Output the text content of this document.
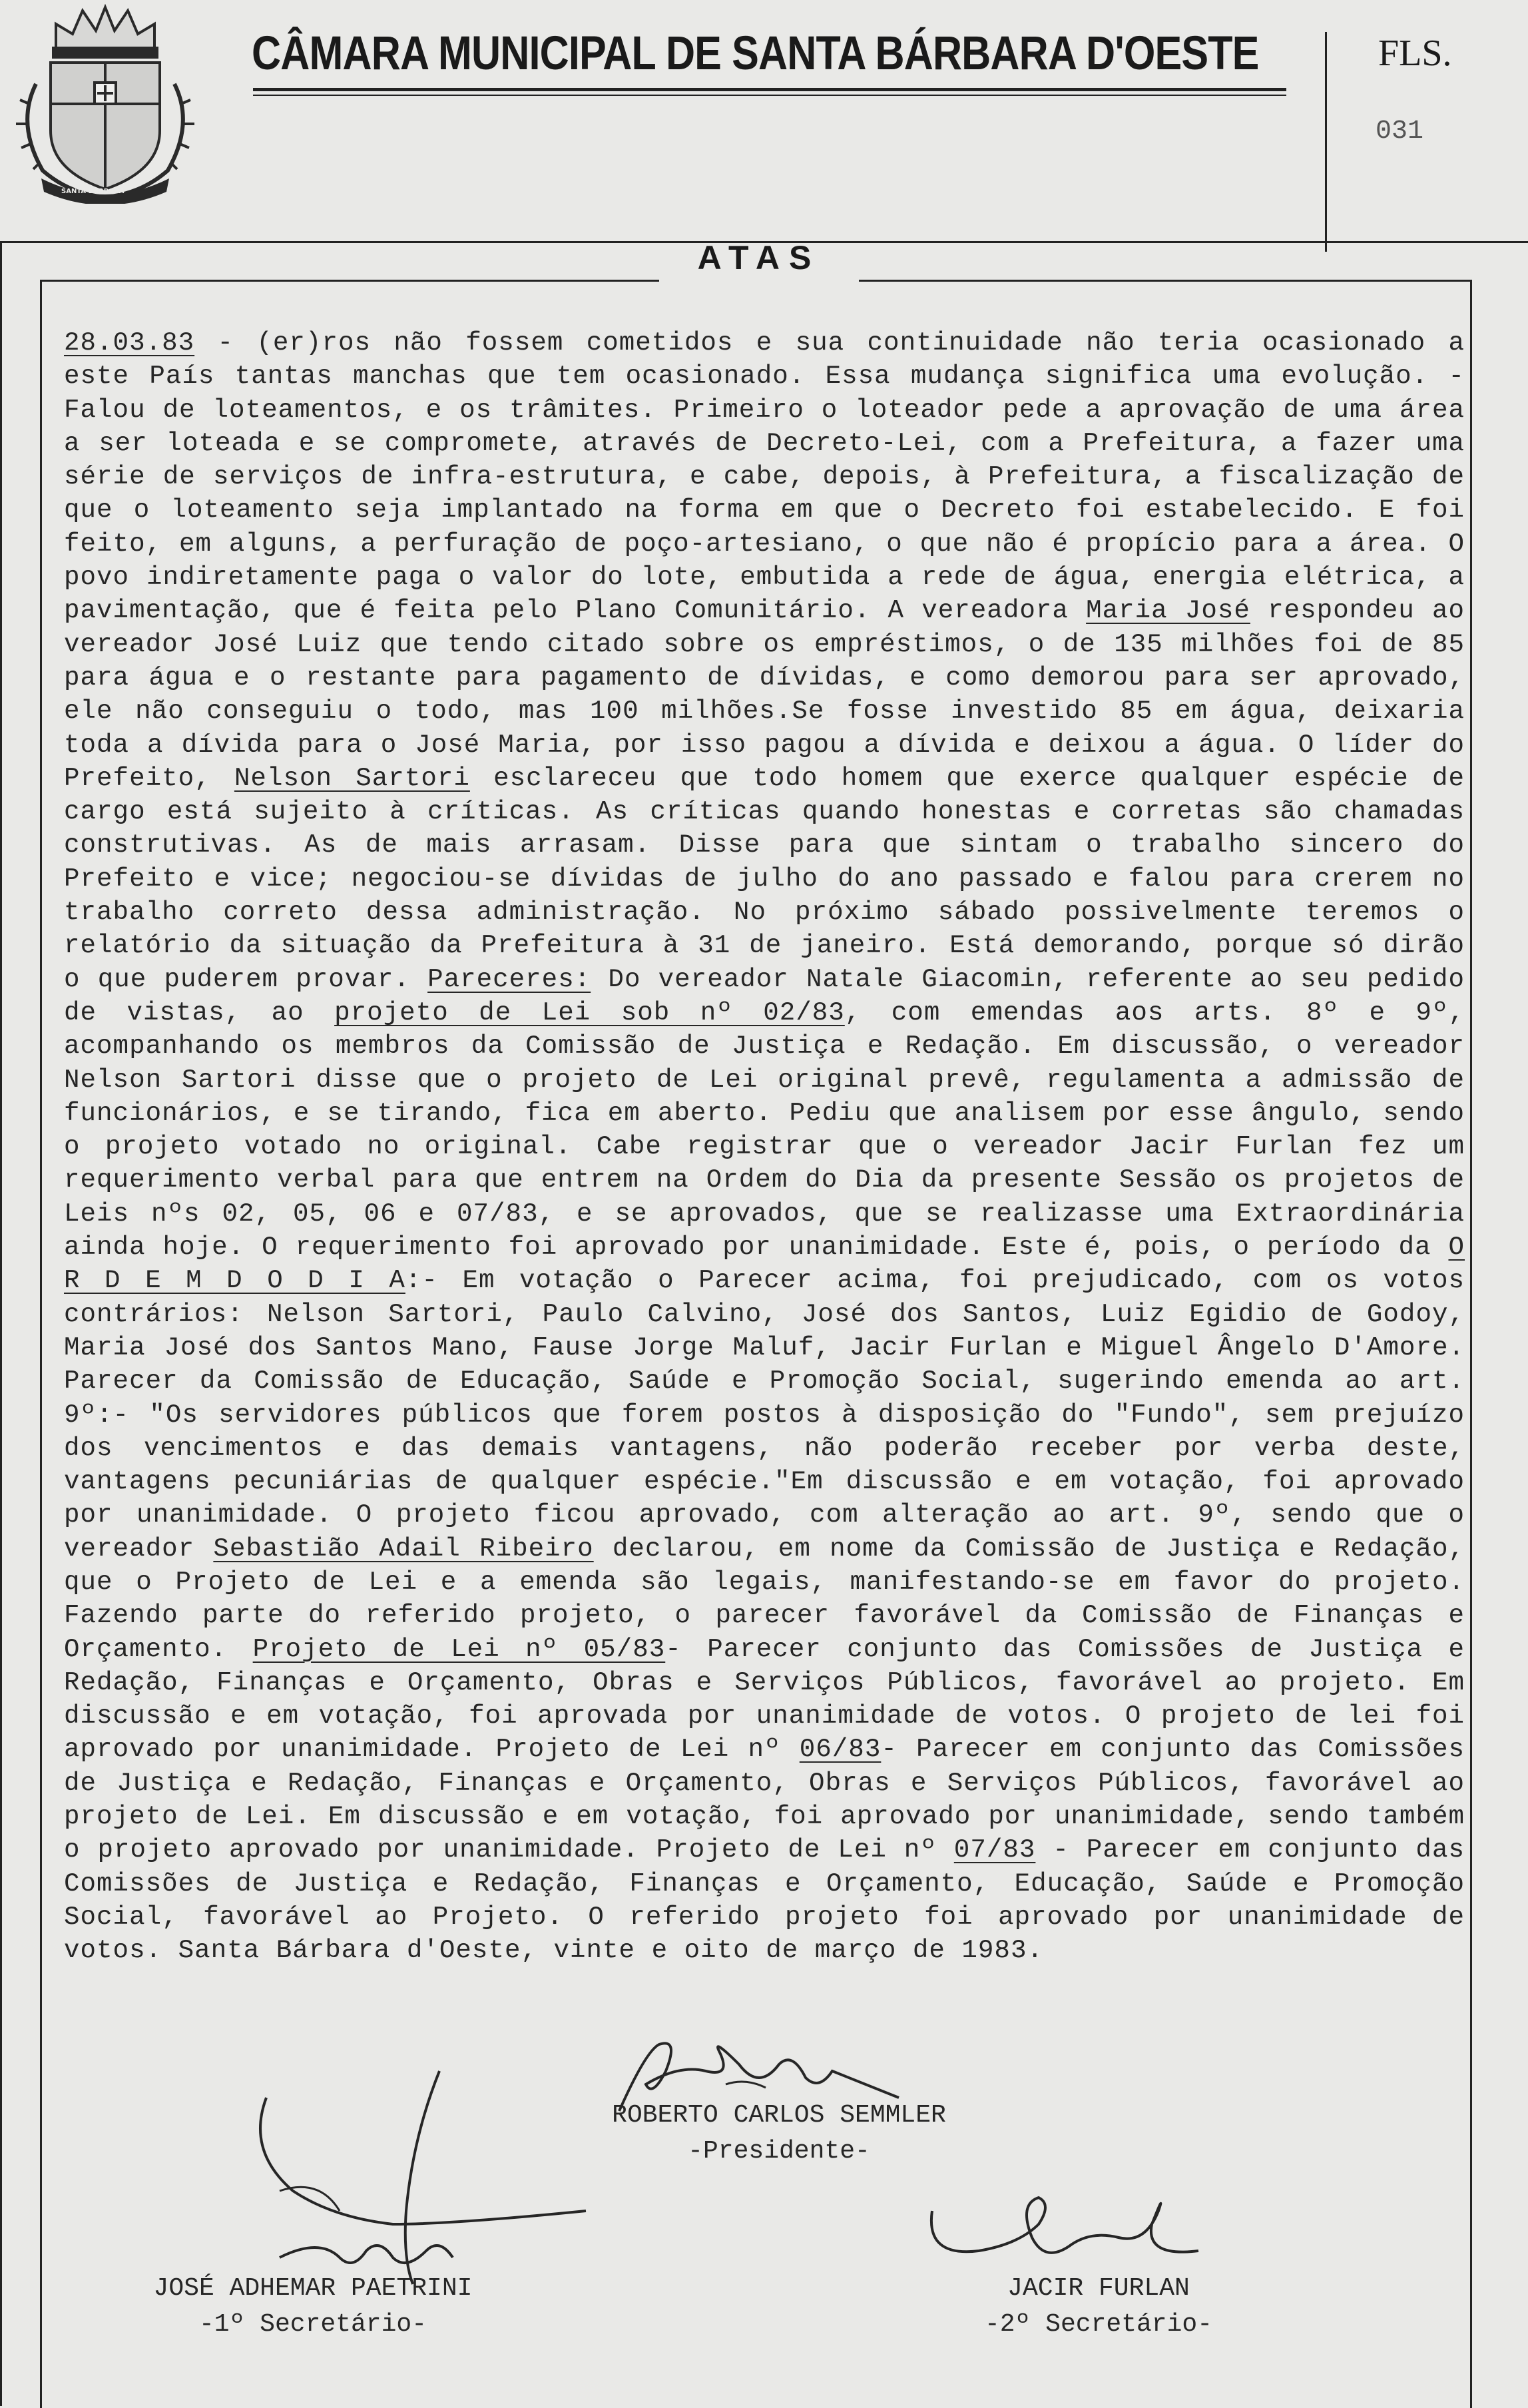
SANTA BARBARA
CÂMARA MUNICIPAL DE SANTA BÁRBARA D'OESTE	FLS.
031
ATAS
28.03.83 - (er)ros não fossem cometidos e sua continuidade não teria ocasionado a este País tantas manchas que tem ocasionado. Essa mudança significa uma evolução. - Falou de loteamentos, e os trâmites. Primeiro o loteador pede a aprovação de uma área a ser loteada e se compromete, através de Decreto-Lei, com a Prefeitura, a fazer uma série de serviços de infra-estrutura, e cabe, depois, à Prefeitura, a fiscalização de que o loteamento seja implantado na forma em que o Decreto foi estabelecido. E foi feito, em alguns, a perfuração de poço-artesiano, o que não é propício para a área. O povo indiretamente paga o valor do lote, embutida a rede de água, energia elétrica, a pavimentação, que é feita pelo Plano Comunitário. A vereadora Maria José respondeu ao vereador José Luiz que tendo citado sobre os empréstimos, o de 135 milhões foi de 85 para água e o restante para pagamento de dívidas, e como demorou para ser aprovado, ele não conseguiu o todo, mas 100 milhões.Se fosse investido 85 em água, deixaria toda a dívida para o José Maria, por isso pagou a dívida e deixou a água. O líder do Prefeito, Nelson Sartori esclareceu que todo homem que exerce qualquer espécie de cargo está sujeito à críticas. As críticas quando honestas e corretas são chamadas construtivas. As de mais arrasam. Disse para que sintam o trabalho sincero do Prefeito e vice; negociou-se dívidas de julho do ano passado e falou para crerem no trabalho correto dessa administração. No próximo sábado possivelmente teremos o relatório da situação da Prefeitura à 31 de janeiro. Está demorando, porque só dirão o que puderem provar. Pareceres: Do vereador Natale Giacomin, referente ao seu pedido de vistas, ao projeto de Lei sob nº 02/83, com emendas aos arts. 8º e 9º, acompanhando os membros da Comissão de Justiça e Redação. Em discussão, o vereador Nelson Sartori disse que o projeto de Lei original prevê, regulamenta a admissão de funcionários, e se tirando, fica em aberto. Pediu que analisem por esse ângulo, sendo o projeto votado no original. Cabe registrar que o vereador Jacir Furlan fez um requerimento verbal para que entrem na Ordem do Dia da presente Sessão os projetos de Leis nºs 02, 05, 06 e 07/83, e se aprovados, que se realizasse uma Extraordinária ainda hoje. O requerimento foi aprovado por unanimidade. Este é, pois, o período da O R D E M D O D I A:- Em votação o Parecer acima, foi prejudicado, com os votos contrários: Nelson Sartori, Paulo Calvino, José dos Santos, Luiz Egidio de Godoy, Maria José dos Santos Mano, Fause Jorge Maluf, Jacir Furlan e Miguel Ângelo D'Amore. Parecer da Comissão de Educação, Saúde e Promoção Social, sugerindo emenda ao art. 9º:- "Os servidores públicos que forem postos à disposição do "Fundo", sem prejuízo dos vencimentos e das demais vantagens, não poderão receber por verba deste, vantagens pecuniárias de qualquer espécie."Em discussão e em votação, foi aprovado por unanimidade. O projeto ficou aprovado, com alteração ao art. 9º, sendo que o vereador Sebastião Adail Ribeiro declarou, em nome da Comissão de Justiça e Redação, que o Projeto de Lei e a emenda são legais, manifestando-se em favor do projeto. Fazendo parte do referido projeto, o parecer favorável da Comissão de Finanças e Orçamento. Projeto de Lei nº 05/83- Parecer conjunto das Comissões de Justiça e Redação, Finanças e Orçamento, Obras e Serviços Públicos, favorável ao projeto. Em discussão e em votação, foi aprovada por unanimidade de votos. O projeto de lei foi aprovado por unanimidade. Projeto de Lei nº 06/83- Parecer em conjunto das Comissões de Justiça e Redação, Finanças e Orçamento, Obras e Serviços Públicos, favorável ao projeto de Lei. Em discussão e em votação, foi aprovado por unanimidade, sendo também o projeto aprovado por unanimidade. Projeto de Lei nº 07/83 - Parecer em conjunto das Comissões de Justiça e Redação, Finanças e Orçamento, Educação, Saúde e Promoção Social, favorável ao Projeto. O referido projeto foi aprovado por unanimidade de votos. Santa Bárbara d'Oeste, vinte e oito de março de 1983.
ROBERTO CARLOS SEMMLER
-Presidente-
JOSÉ ADHEMAR PAETRINI
-1º Secretário-
JACIR FURLAN
-2º Secretário-
